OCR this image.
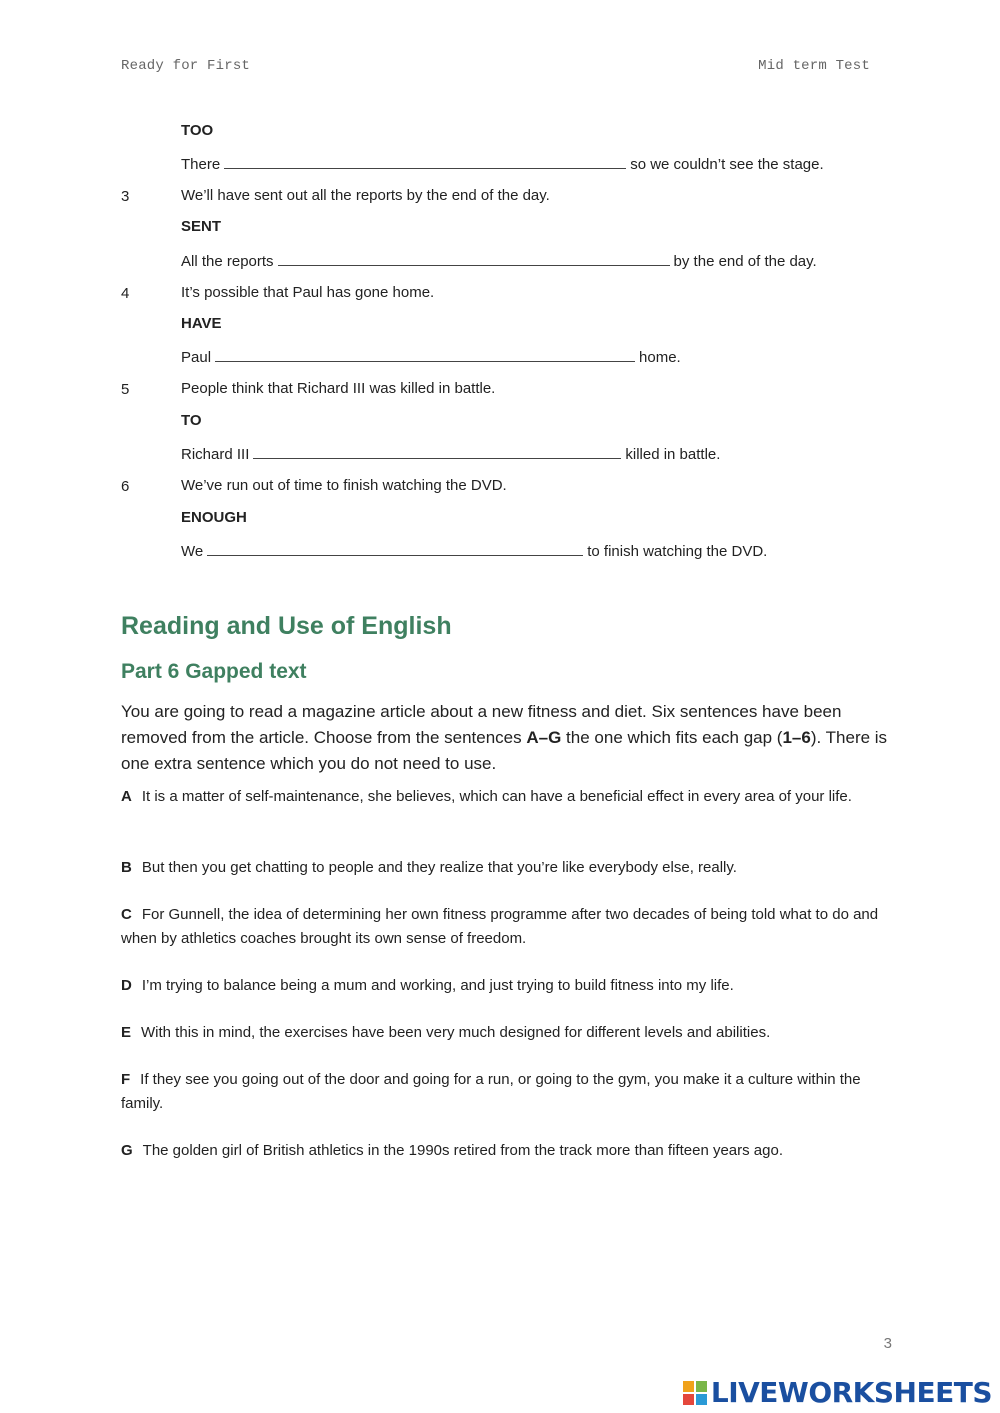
Ready for First	Mid term Test
TOO
There	so we couldn’t see the stage.
3	We’ll have sent out all the reports by the end of the day.
SENT
All the reports	by the end of the day.
4	It’s possible that Paul has gone home.
HAVE
Paul	home.
5	People think that Richard III was killed in battle.
TO
Richard III	killed in battle.
6	We’ve run out of time to finish watching the DVD.
ENOUGH
We	to finish watching the DVD.
Reading and Use of English
Part 6 Gapped text
You are going to read a magazine article about a new fitness and diet. Six sentences have been removed from the article. Choose from the sentences A–G the one which fits each gap (1–6). There is one extra sentence which you do not need to use.
A It is a matter of self-maintenance, she believes, which can have a beneficial effect in every area of your life.
B But then you get chatting to people and they realize that you’re like everybody else, really.
C For Gunnell, the idea of determining her own fitness programme after two decades of being told what to do and when by athletics coaches brought its own sense of freedom.
D I’m trying to balance being a mum and working, and just trying to build fitness into my life.
E With this in mind, the exercises have been very much designed for different levels and abilities.
F If they see you going out of the door and going for a run, or going to the gym, you make it a culture within the family.
G The golden girl of British athletics in the 1990s retired from the track more than fifteen years ago.
3
LIVEWORKSHEETS
